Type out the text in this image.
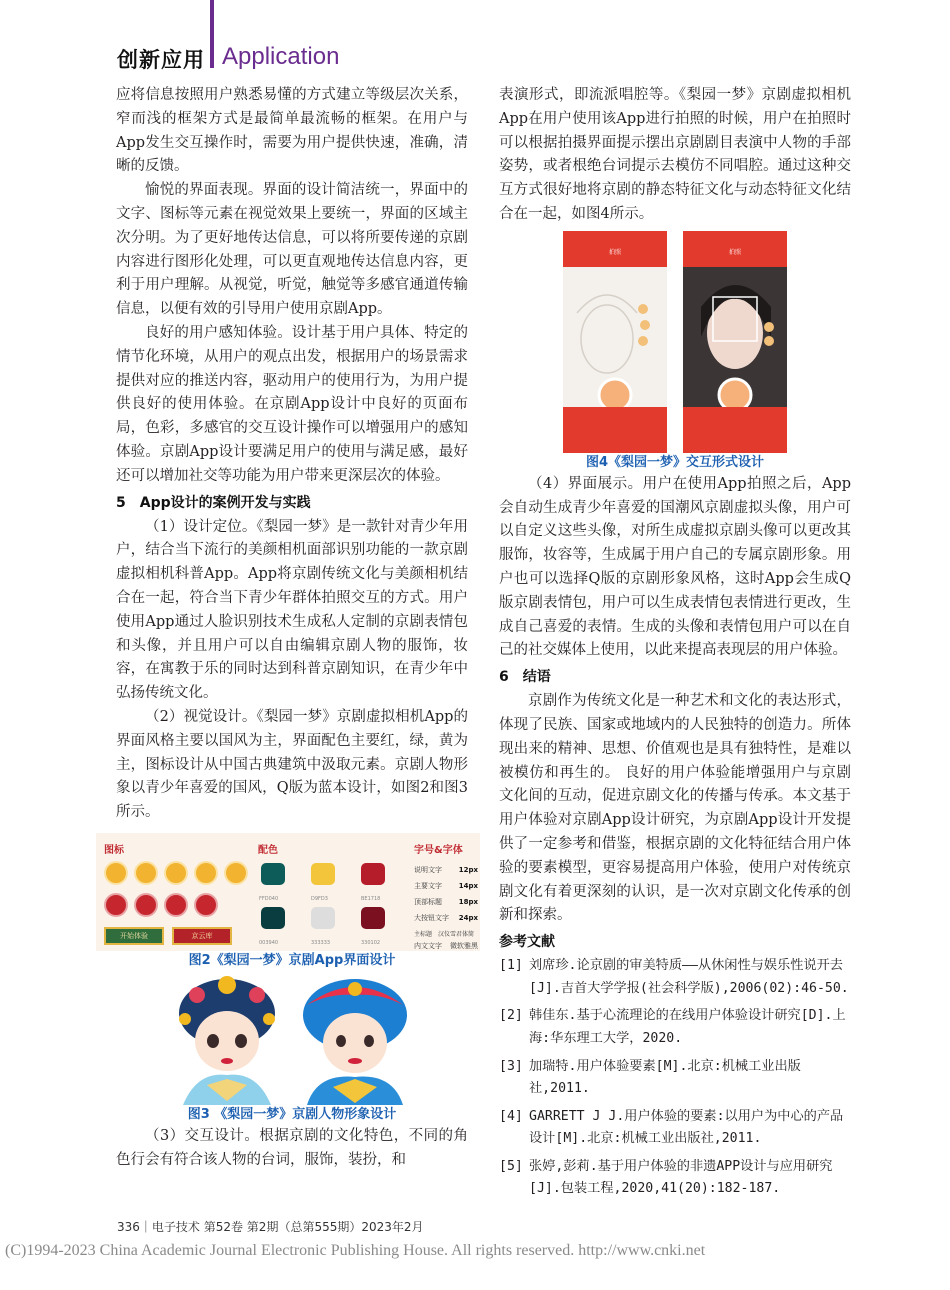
创新应用 Application

应将信息按照用户熟悉易懂的方式建立等级层次关系，窄而浅的框架方式是最简单最流畅的框架。在用户与App发生交互操作时，需要为用户提供快速，准确，清晰的反馈。

愉悦的界面表现。界面的设计简洁统一，界面中的文字、图标等元素在视觉效果上要统一，界面的区域主次分明。为了更好地传达信息，可以将所要传递的京剧内容进行图形化处理，可以更直观地传达信息内容，更利于用户理解。从视觉，听觉，触觉等多感官通道传输信息，以便有效的引导用户使用京剧App。

良好的用户感知体验。设计基于用户具体、特定的情节化环境，从用户的观点出发，根据用户的场景需求提供对应的推送内容，驱动用户的使用行为，为用户提供良好的使用体验。在京剧App设计中良好的页面布局，色彩，多感官的交互设计操作可以增强用户的感知体验。京剧App设计要满足用户的使用与满足感，最好还可以增加社交等功能为用户带来更深层次的体验。

5　App设计的案例开发与实践

（1）设计定位。《梨园一梦》是一款针对青少年用户，结合当下流行的美颜相机面部识别功能的一款京剧虚拟相机科普App。App将京剧传统文化与美颜相机结合在一起，符合当下青少年群体拍照交互的方式。用户使用App通过人脸识别技术生成私人定制的京剧表情包和头像，并且用户可以自由编辑京剧人物的服饰，妆容，在寓教于乐的同时达到科普京剧知识，在青少年中弘扬传统文化。

（2）视觉设计。《梨园一梦》京剧虚拟相机App的界面风格主要以国风为主，界面配色主要红，绿，黄为主，图标设计从中国古典建筑中汲取元素。京剧人物形象以青少年喜爱的国风，Q版为蓝本设计，如图2和图3所示。

图标	配色	字号&字体
开始体验	京云库
FFD040	D9FD3	BE1718
003940	333333	330102
说明文字 12px
主要文字 14px
顶部标题 18px
大按钮文字 24px
主标题　汉仪雪君体简
内文文字 微软雅黑
图2《梨园一梦》京剧App界面设计
图3 《梨园一梦》京剧人物形象设计

（3）交互设计。根据京剧的文化特色，不同的角色行会有符合该人物的台词，服饰，装扮，和

表演形式，即流派唱腔等。《梨园一梦》京剧虚拟相机App在用户使用该App进行拍照的时候，用户在拍照时可以根据拍摄界面提示摆出京剧剧目表演中人物的手部姿势，或者根绝台词提示去模仿不同唱腔。通过这种交互方式很好地将京剧的静态特征文化与动态特征文化结合在一起，如图4所示。

拍照	拍照
图4《梨园一梦》交互形式设计

（4）界面展示。用户在使用App拍照之后，App会自动生成青少年喜爱的国潮风京剧虚拟头像，用户可以自定义这些头像，对所生成虚拟京剧头像可以更改其服饰，妆容等，生成属于用户自己的专属京剧形象。用户也可以选择Q版的京剧形象风格，这时App会生成Q版京剧表情包，用户可以生成表情包表情进行更改，生成自己喜爱的表情。生成的头像和表情包用户可以在自己的社交媒体上使用，以此来提高表现层的用户体验。

6　结语

京剧作为传统文化是一种艺术和文化的表达形式，体现了民族、国家或地域内的人民独特的创造力。所体现出来的精神、思想、价值观也是具有独特性，是难以被模仿和再生的。 良好的用户体验能增强用户与京剧文化间的互动，促进京剧文化的传播与传承。本文基于用户体验对京剧App设计研究，为京剧App设计开发提供了一定参考和借鉴，根据京剧的文化特征结合用户体验的要素模型，更容易提高用户体验，使用户对传统京剧文化有着更深刻的认识，是一次对京剧文化传承的创新和探索。

参考文献
[1] 刘席珍.论京剧的审美特质——从休闲性与娱乐性说开去[J].吉首大学学报(社会科学版),2006(02):46-50.
[2] 韩佳东.基于心流理论的在线用户体验设计研究[D].上海:华东理工大学，2020.
[3] 加瑞特.用户体验要素[M].北京:机械工业出版社,2011.
[4] GARRETT J J.用户体验的要素:以用户为中心的产品设计[M].北京:机械工业出版社,2011.
[5] 张婷,彭莉.基于用户体验的非遗APP设计与应用研究[J].包装工程,2020,41(20):182-187.
336｜电子技术 第52卷 第2期（总第555期）2023年2月
(C)1994-2023 China Academic Journal Electronic Publishing House. All rights reserved. http://www.cnki.net
